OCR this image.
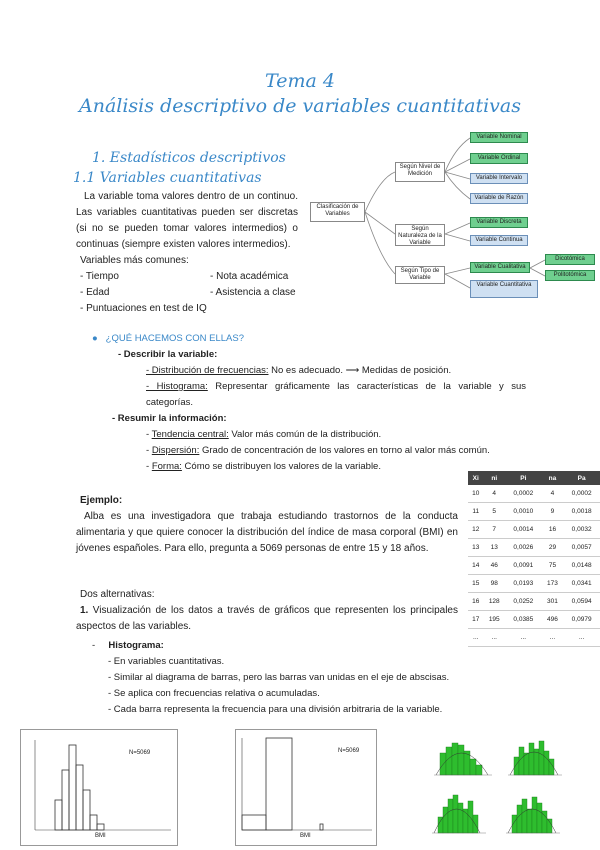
Tema 4
Análisis descriptivo de variables cuantitativas
1. Estadísticos descriptivos
1.1 Variables cuantitativas
La variable toma valores dentro de un continuo. Las variables cuantitativas pueden ser discretas (si no se pueden tomar valores intermedios) o continuas (siempre existen valores intermedios).
Variables más comunes:
- Tiempo	- Nota académica
- Edad	- Asistencia a clase
- Puntuaciones en test de IQ
Clasificación de Variables
Según Nivel de Medición
Según Naturaleza de la Variable
Según Tipo de Variable
Variable Nominal
Variable Ordinal
Variable Intervalo
Variable de Razón
Variable Discreta
Variable Continua
Variable Cualitativa
Variable Cuantitativa
Dicotómica
Politotómica
● ¿QUÉ HACEMOS CON ELLAS?
- Describir la variable:
- Distribución de frecuencias: No es adecuado. ⟶ Medidas de posición.
- Histograma: Representar gráficamente las características de la variable y sus categorías.
- Resumir la información:
- Tendencia central: Valor más común de la distribución.
- Dispersión: Grado de concentración de los valores en torno al valor más común.
- Forma: Cómo se distribuyen los valores de la variable.
Ejemplo:
Alba es una investigadora que trabaja estudiando trastornos de la conducta alimentaria y que quiere conocer la distribución del índice de masa corporal (BMI) en jóvenes españoles. Para ello, pregunta a 5069 personas de entre 15 y 18 años.
Xi	ni	Pi	na	Pa
10	4	0,0002	4	0,0002
11	5	0,0010	9	0,0018
12	7	0,0014	16	0,0032
13	13	0,0026	29	0,0057
14	46	0,0091	75	0,0148
15	98	0,0193	173	0,0341
16	128	0,0252	301	0,0594
17	195	0,0385	496	0,0979
...	...	...	...	...
Dos alternativas:
1. Visualización de los datos a través de gráficos que representen los principales aspectos de las variables.
-     Histograma:
- En variables cuantitativas.
- Similar al diagrama de barras, pero las barras van unidas en el eje de abscisas.
- Se aplica con frecuencias relativa o acumuladas.
- Cada barra representa la frecuencia para una división arbitraria de la variable.
N=5069
BMI
N=5069
BMI
